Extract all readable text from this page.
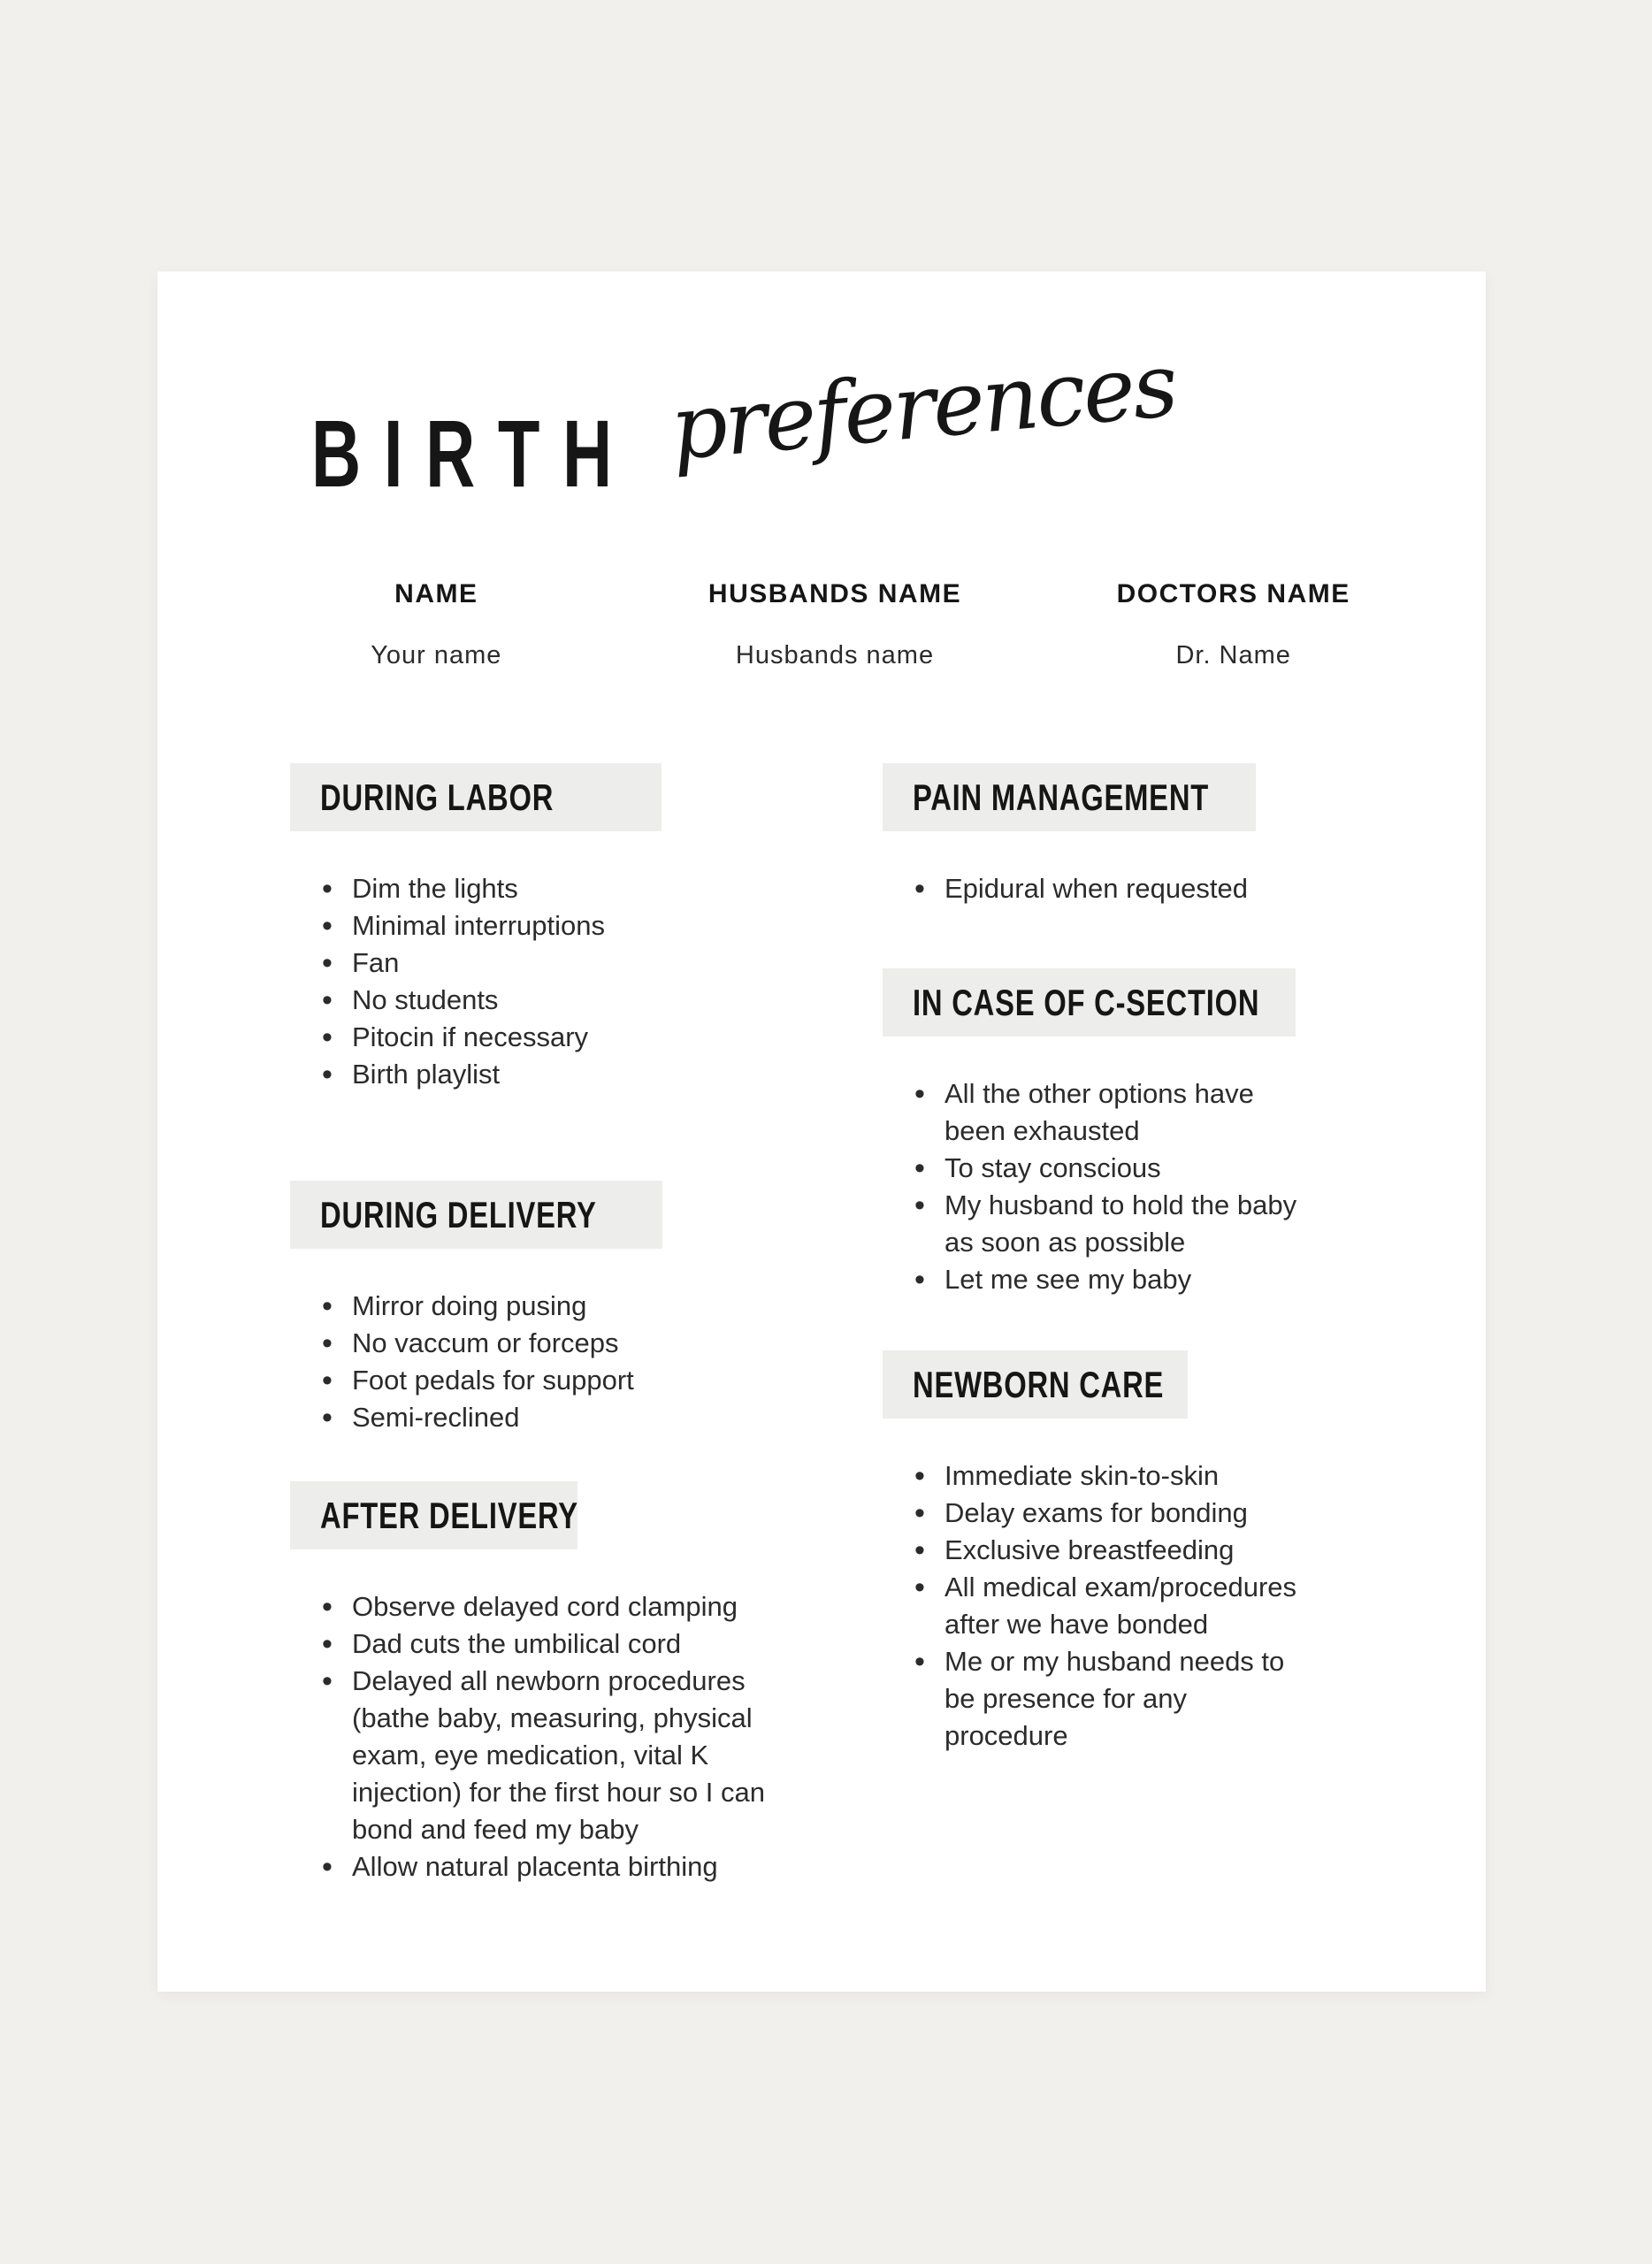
BIRTH preferences
NAME
Your name
HUSBANDS NAME
Husbands name
DOCTORS NAME
Dr. Name
DURING LABOR
• Dim the lights
• Minimal interruptions
• Fan
• No students
• Pitocin if necessary
• Birth playlist
DURING DELIVERY
• Mirror doing pusing
• No vaccum or forceps
• Foot pedals for support
• Semi-reclined
AFTER DELIVERY
• Observe delayed cord clamping
• Dad cuts the umbilical cord
• Delayed all newborn procedures (bathe baby, measuring, physical exam, eye medication, vital K injection) for the first hour so I can bond and feed my baby
• Allow natural placenta birthing
PAIN MANAGEMENT
• Epidural when requested
IN CASE OF C-SECTION
• All the other options have been exhausted
• To stay conscious
• My husband to hold the baby as soon as possible
• Let me see my baby
NEWBORN CARE
• Immediate skin-to-skin
• Delay exams for bonding
• Exclusive breastfeeding
• All medical exam/procedures after we have bonded
• Me or my husband needs to be presence for any procedure
